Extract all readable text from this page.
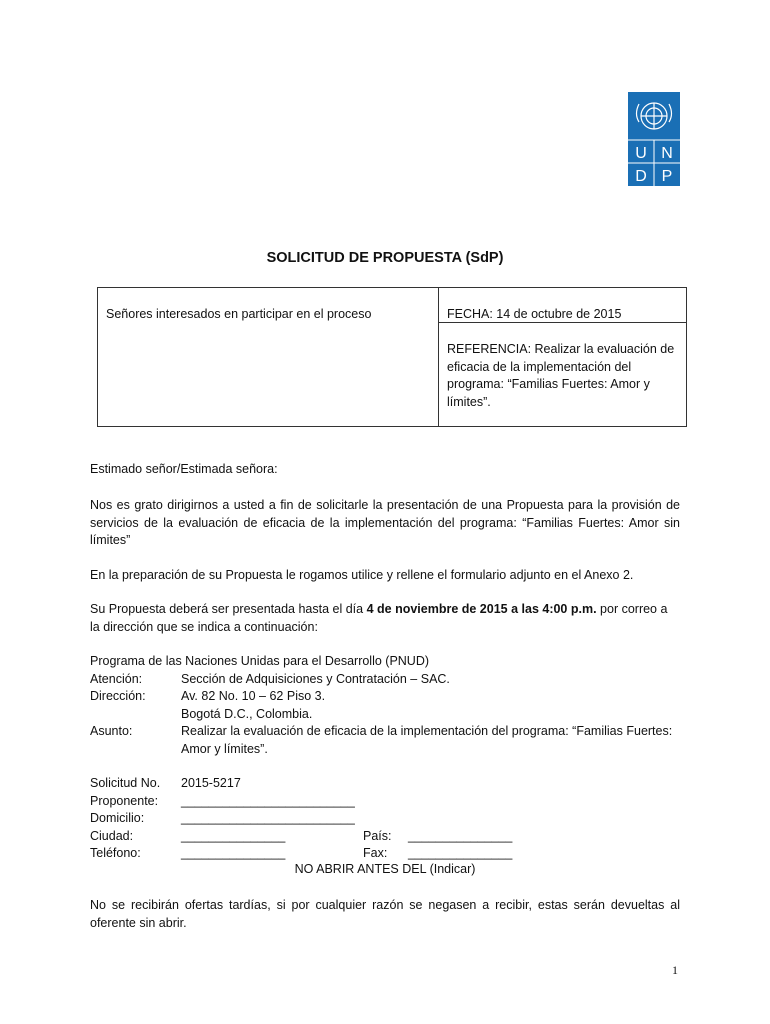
U N
D P
SOLICITUD DE PROPUESTA (SdP)
Señores interesados en participar en el proceso	FECHA: 14 de octubre de 2015
REFERENCIA: Realizar la evaluación de eficacia de la implementación del programa: “Familias Fuertes: Amor y límites”.
Estimado señor/Estimada señora:
Nos es grato dirigirnos a usted a fin de solicitarle la presentación de una Propuesta para la provisión de servicios de la evaluación de eficacia de la implementación del programa: “Familias Fuertes: Amor sin límites”
En la preparación de su Propuesta le rogamos utilice y rellene el formulario adjunto en el Anexo 2.
Su Propuesta deberá ser presentada hasta el día 4 de noviembre de 2015 a las 4:00 p.m. por correo a la dirección que se indica a continuación:
Programa de las Naciones Unidas para el Desarrollo (PNUD)
Atención:	Sección de Adquisiciones y Contratación – SAC.
Dirección:	Av. 82 No. 10 – 62 Piso 3.
Bogotá D.C., Colombia.
Asunto:	Realizar la evaluación de eficacia de la implementación del programa: “Familias Fuertes: Amor y límites”.
Solicitud No. 2015-5217
Proponente: _________________________
Domicilio:	_________________________
Ciudad:	_______________	País: _______________
Teléfono:	_______________	Fax: _______________
NO ABRIR ANTES DEL (Indicar)
No se recibirán ofertas tardías, si por cualquier razón se negasen a recibir, estas serán devueltas al oferente sin abrir.
1
